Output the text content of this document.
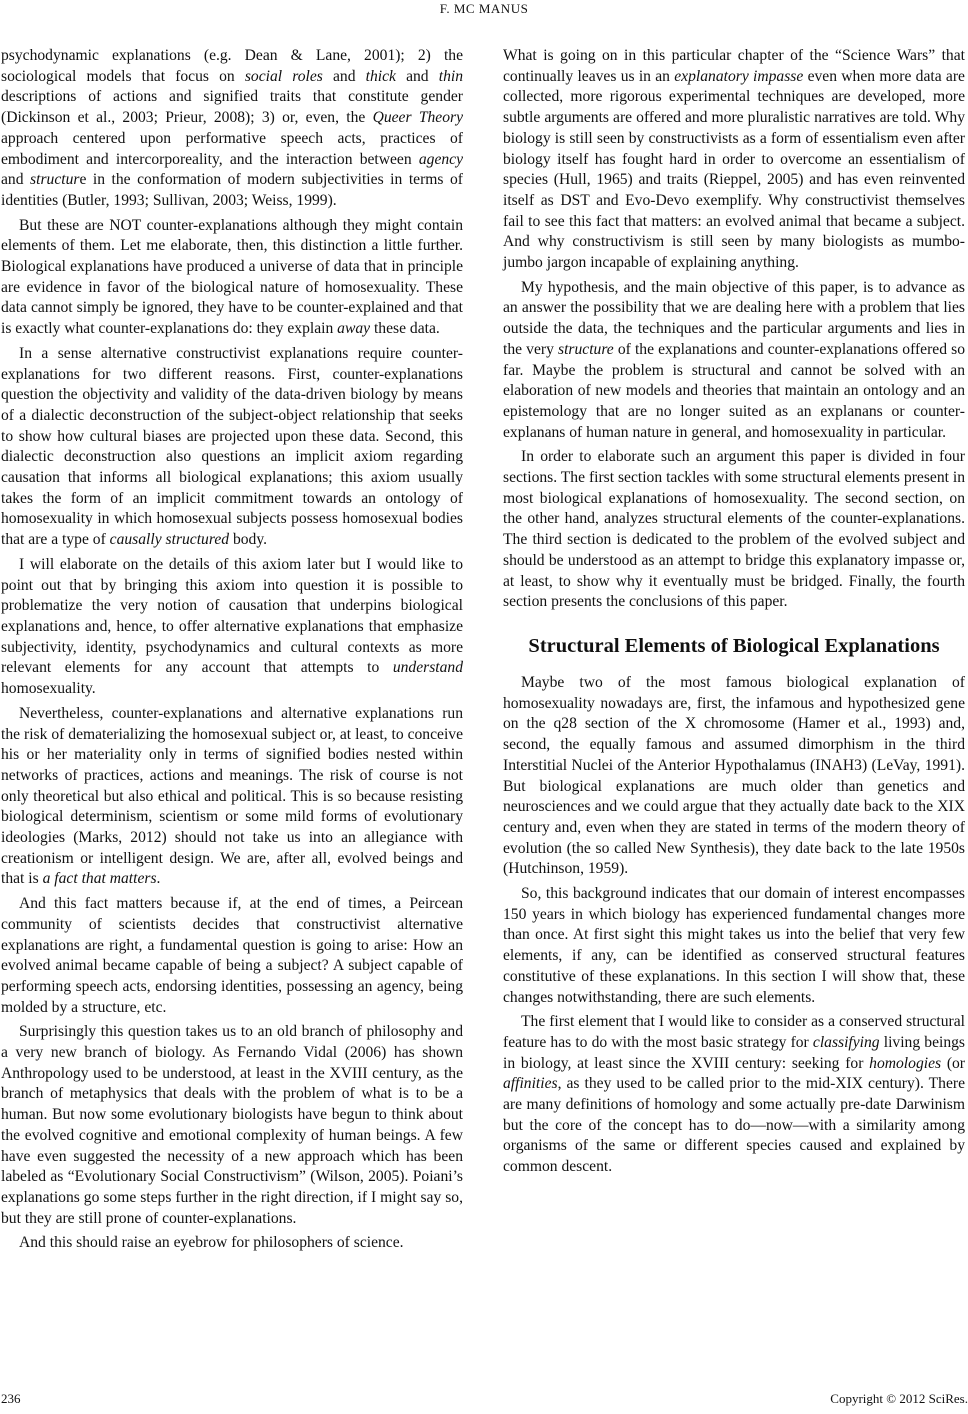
F. MC MANUS

psychodynamic explanations (e.g. Dean & Lane, 2001); 2) the sociological models that focus on social roles and thick and thin descriptions of actions and signified traits that constitute gender (Dickinson et al., 2003; Prieur, 2008); 3) or, even, the Queer Theory approach centered upon performative speech acts, practices of embodiment and intercorporeality, and the interaction between agency and structure in the conformation of modern subjectivities in terms of identities (Butler, 1993; Sullivan, 2003; Weiss, 1999).

But these are NOT counter-explanations although they might contain elements of them. Let me elaborate, then, this distinction a little further. Biological explanations have produced a universe of data that in principle are evidence in favor of the biological nature of homosexuality. These data cannot simply be ignored, they have to be counter-explained and that is exactly what counter-explanations do: they explain away these data.

In a sense alternative constructivist explanations require counter-explanations for two different reasons. First, counter-explanations question the objectivity and validity of the data-driven biology by means of a dialectic deconstruction of the subject-object relationship that seeks to show how cultural biases are projected upon these data. Second, this dialectic deconstruction also questions an implicit axiom regarding causation that informs all biological explanations; this axiom usually takes the form of an implicit commitment towards an ontology of homosexuality in which homosexual subjects possess homosexual bodies that are a type of causally structured body.

I will elaborate on the details of this axiom later but I would like to point out that by bringing this axiom into question it is possible to problematize the very notion of causation that underpins biological explanations and, hence, to offer alternative explanations that emphasize subjectivity, identity, psychodynamics and cultural contexts as more relevant elements for any account that attempts to understand homosexuality.

Nevertheless, counter-explanations and alternative explanations run the risk of dematerializing the homosexual subject or, at least, to conceive his or her materiality only in terms of signified bodies nested within networks of practices, actions and meanings. The risk of course is not only theoretical but also ethical and political. This is so because resisting biological determinism, scientism or some mild forms of evolutionary ideologies (Marks, 2012) should not take us into an allegiance with creationism or intelligent design. We are, after all, evolved beings and that is a fact that matters.

And this fact matters because if, at the end of times, a Peircean community of scientists decides that constructivist alternative explanations are right, a fundamental question is going to arise: How an evolved animal became capable of being a subject? A subject capable of performing speech acts, endorsing identities, possessing an agency, being molded by a structure, etc.

Surprisingly this question takes us to an old branch of philosophy and a very new branch of biology. As Fernando Vidal (2006) has shown Anthropology used to be understood, at least in the XVIII century, as the branch of metaphysics that deals with the problem of what is to be a human. But now some evolutionary biologists have begun to think about the evolved cognitive and emotional complexity of human beings. A few have even suggested the necessity of a new approach which has been labeled as “Evolutionary Social Constructivism” (Wilson, 2005). Poiani’s explanations go some steps further in the right direction, if I might say so, but they are still prone of counter-explanations.

And this should raise an eyebrow for philosophers of science.

What is going on in this particular chapter of the “Science Wars” that continually leaves us in an explanatory impasse even when more data are collected, more rigorous experimental techniques are developed, more subtle arguments are offered and more pluralistic narratives are told. Why biology is still seen by constructivists as a form of essentialism even after biology itself has fought hard in order to overcome an essentialism of species (Hull, 1965) and traits (Rieppel, 2005) and has even reinvented itself as DST and Evo-Devo exemplify. Why constructivist themselves fail to see this fact that matters: an evolved animal that became a subject. And why constructivism is still seen by many biologists as mumbo-jumbo jargon incapable of explaining anything.

My hypothesis, and the main objective of this paper, is to advance as an answer the possibility that we are dealing here with a problem that lies outside the data, the techniques and the particular arguments and lies in the very structure of the explanations and counter-explanations offered so far. Maybe the problem is structural and cannot be solved with an elaboration of new models and theories that maintain an ontology and an epistemology that are no longer suited as an explanans or counter-explanans of human nature in general, and homosexuality in particular.

In order to elaborate such an argument this paper is divided in four sections. The first section tackles with some structural elements present in most biological explanations of homosexuality. The second section, on the other hand, analyzes structural elements of the counter-explanations. The third section is dedicated to the problem of the evolved subject and should be understood as an attempt to bridge this explanatory impasse or, at least, to show why it eventually must be bridged. Finally, the fourth section presents the conclusions of this paper.

Structural Elements of Biological Explanations

Maybe two of the most famous biological explanation of homosexuality nowadays are, first, the infamous and hypothesized gene on the q28 section of the X chromosome (Hamer et al., 1993) and, second, the equally famous and assumed dimorphism in the third Interstitial Nuclei of the Anterior Hypothalamus (INAH3) (LeVay, 1991). But biological explanations are much older than genetics and neurosciences and we could argue that they actually date back to the XIX century and, even when they are stated in terms of the modern theory of evolution (the so called New Synthesis), they date back to the late 1950s (Hutchinson, 1959).

So, this background indicates that our domain of interest encompasses 150 years in which biology has experienced fundamental changes more than once. At first sight this might takes us into the belief that very few elements, if any, can be identified as conserved structural features constitutive of these explanations. In this section I will show that, these changes notwithstanding, there are such elements.

The first element that I would like to consider as a conserved structural feature has to do with the most basic strategy for classifying living beings in biology, at least since the XVIII century: seeking for homologies (or affinities, as they used to be called prior to the mid-XIX century). There are many definitions of homology and some actually pre-date Darwinism but the core of the concept has to do—now—with a similarity among organisms of the same or different species caused and explained by common descent.

236	Copyright © 2012 SciRes.
